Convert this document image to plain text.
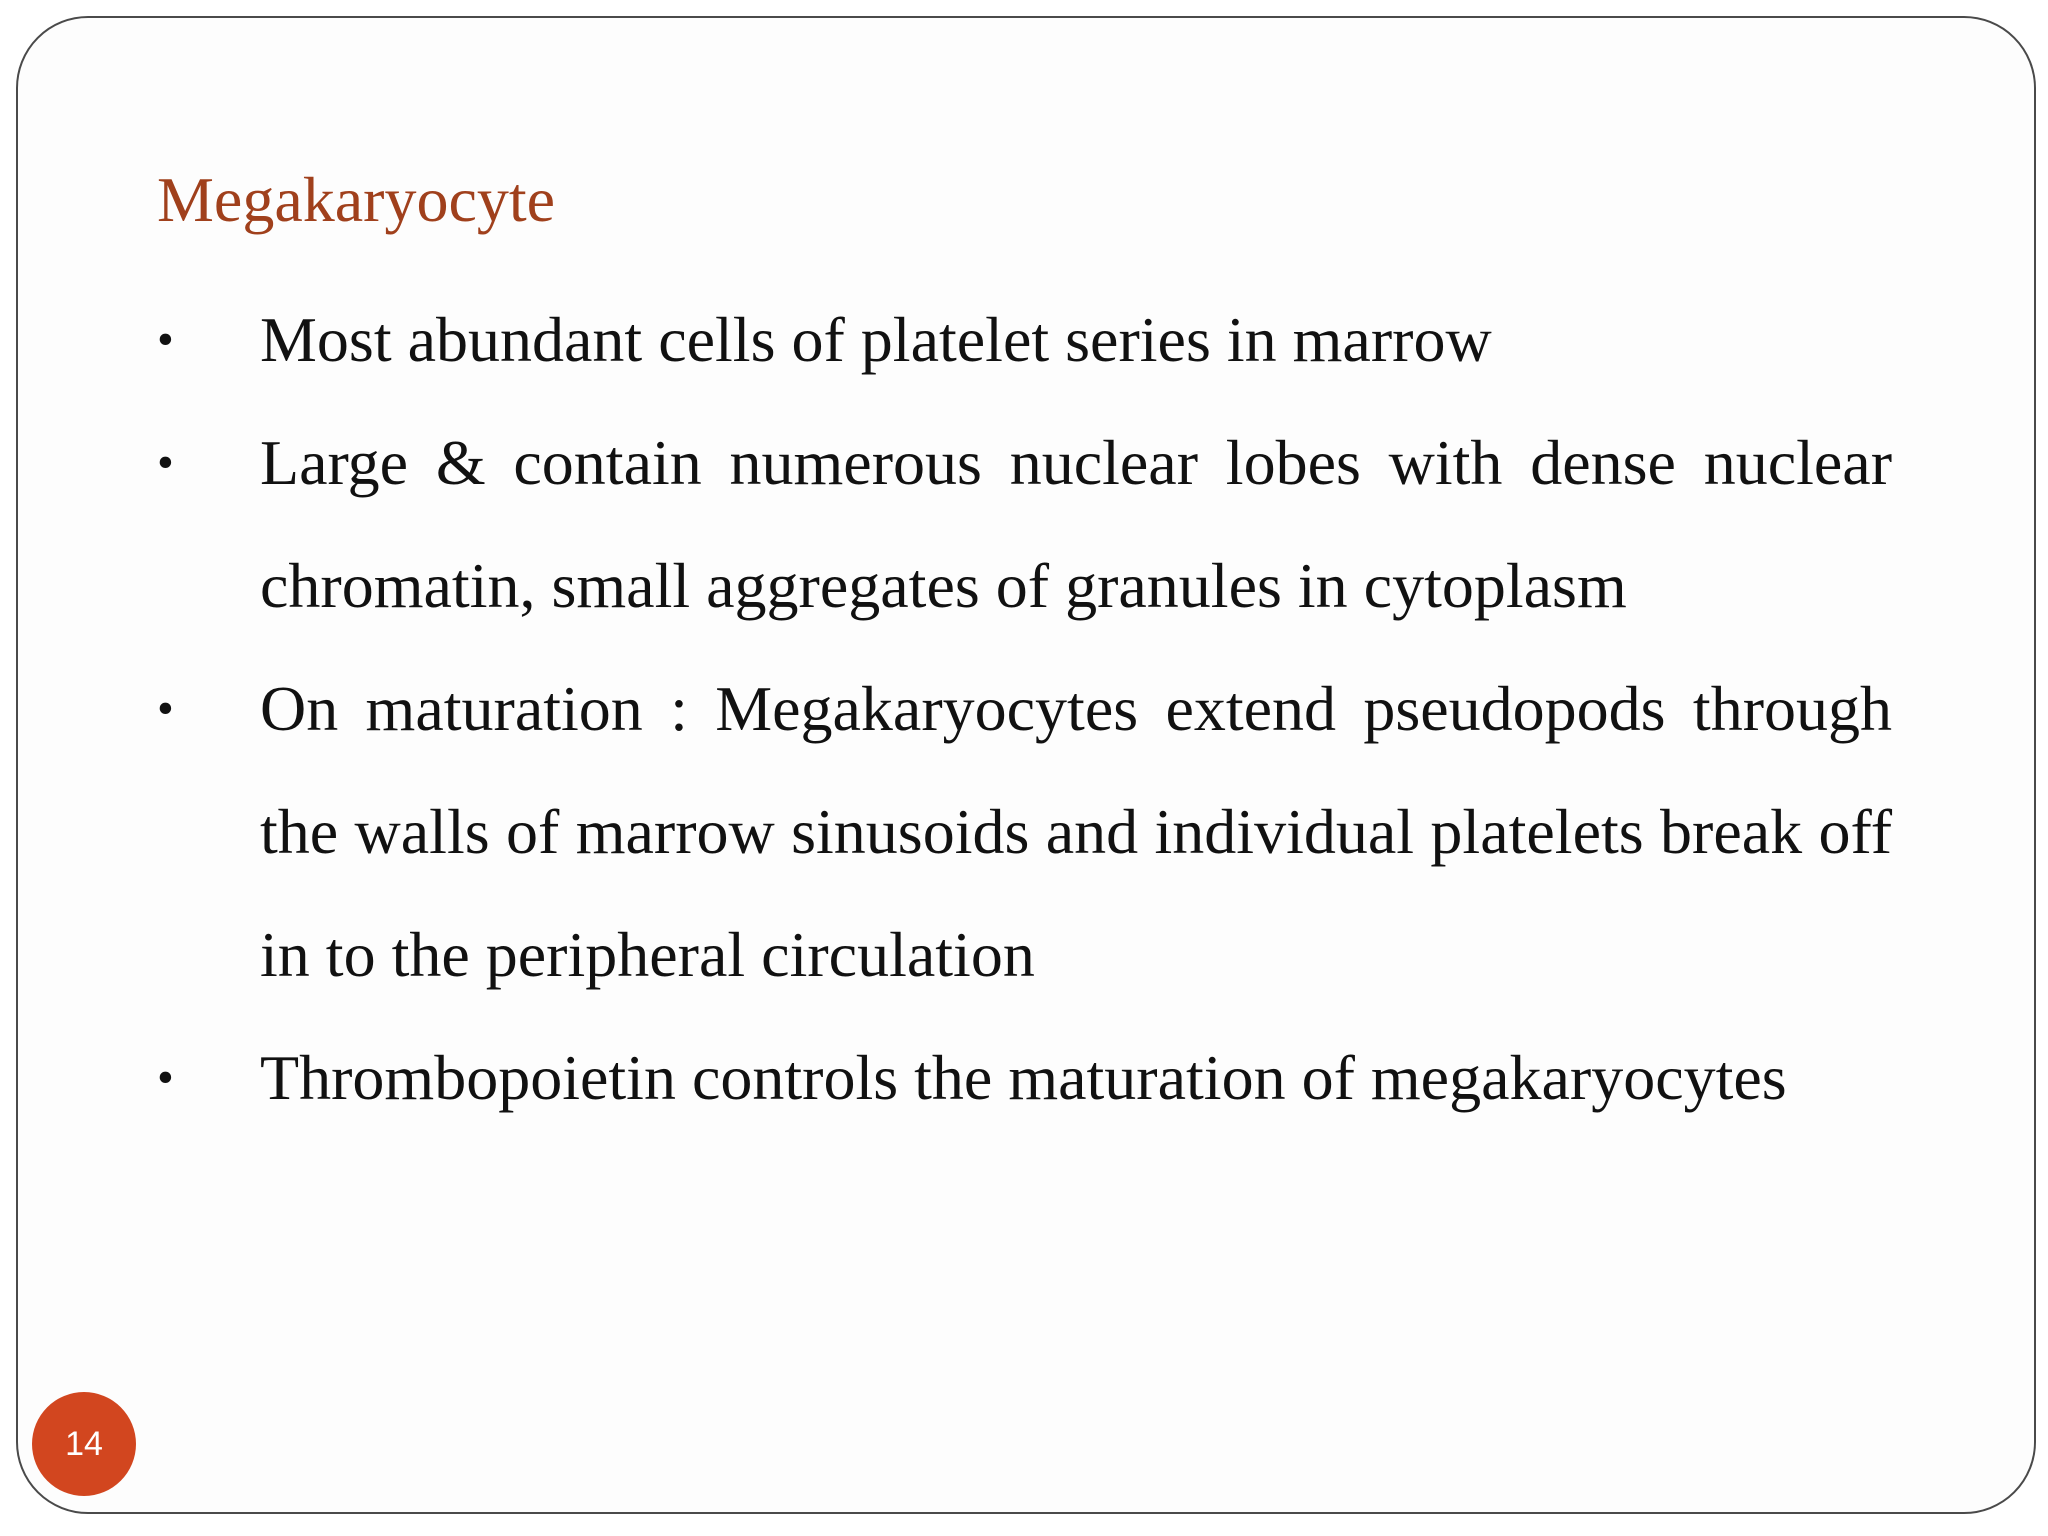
Megakaryocyte
•	Most abundant cells of platelet series in marrow
•	Large & contain numerous nuclear lobes with dense nuclear chromatin, small aggregates of granules in cytoplasm
•	On maturation : Megakaryocytes extend pseudopods through the walls of marrow sinusoids and individual platelets break off in to the peripheral circulation
•	Thrombopoietin controls the maturation of megakaryocytes
14
